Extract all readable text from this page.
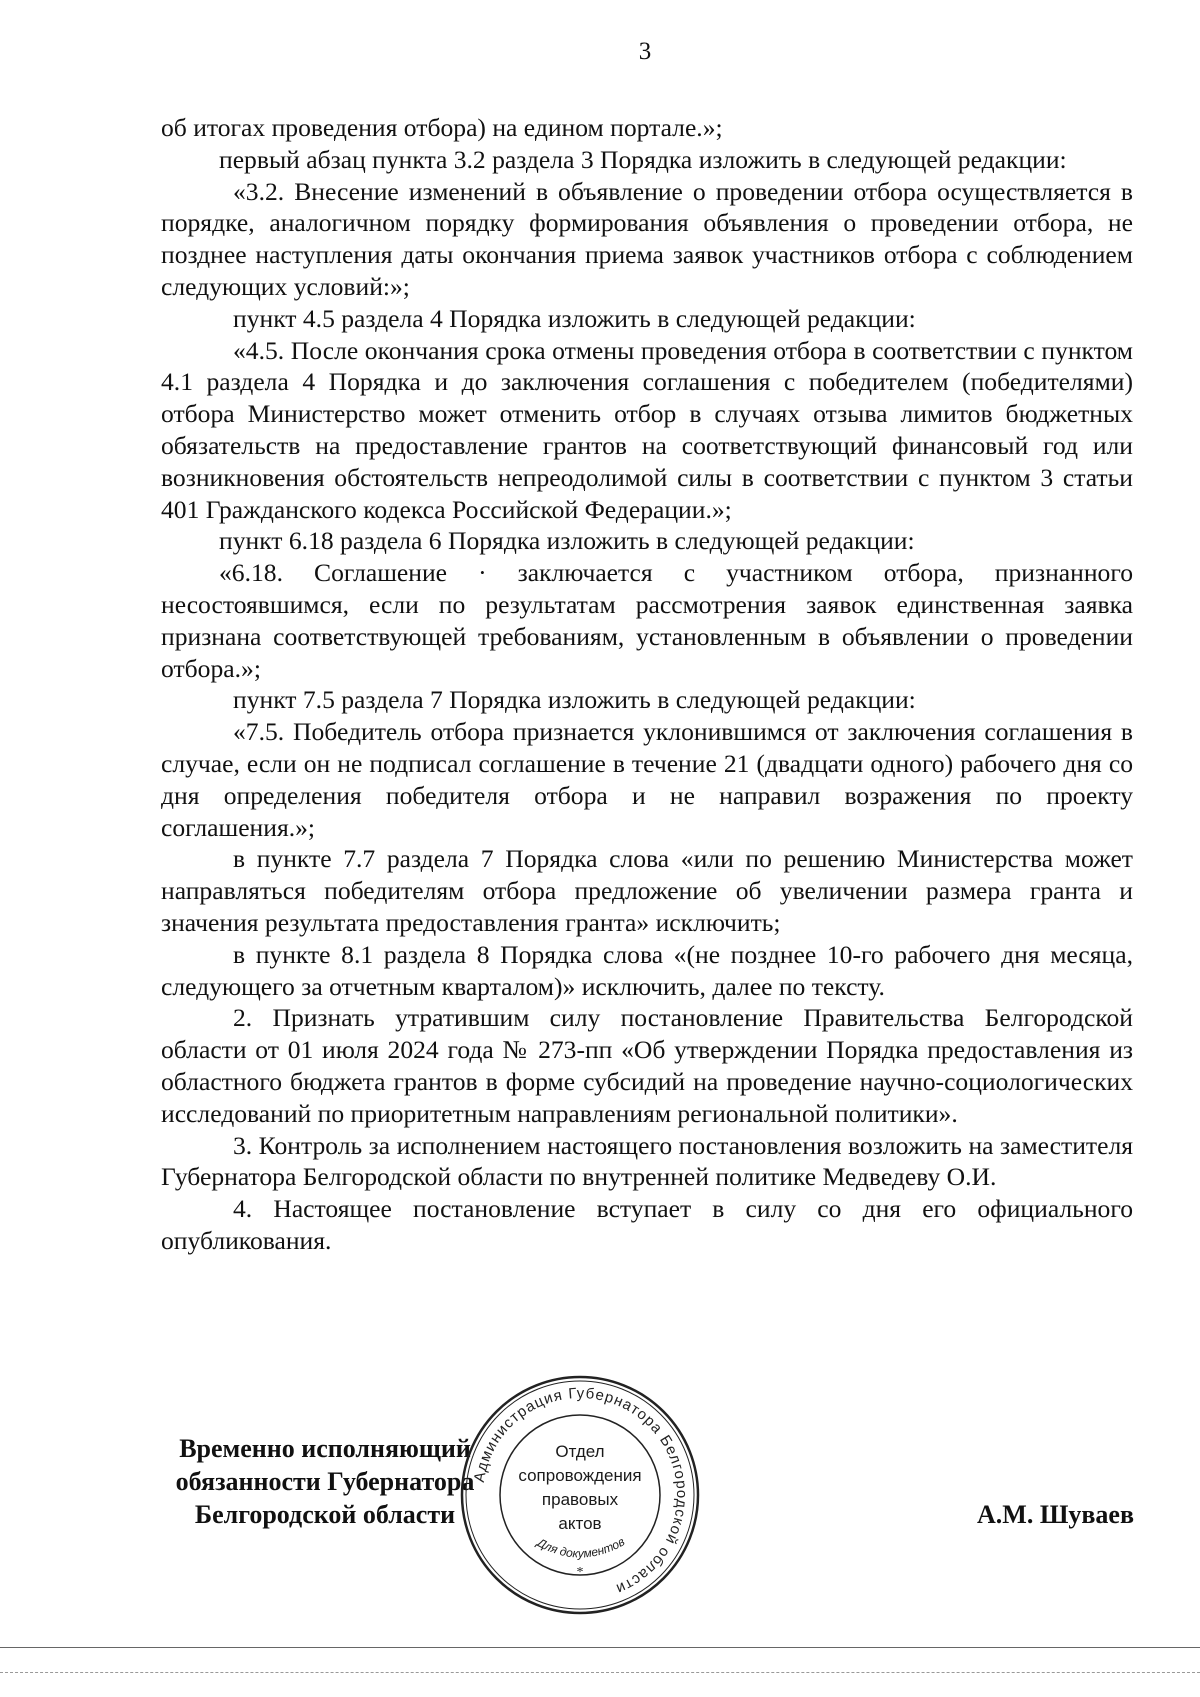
3

об итогах проведения отбора) на едином портале.»;

первый абзац пункта 3.2 раздела 3 Порядка изложить в следующей редакции:

«3.2. Внесение изменений в объявление о проведении отбора осуществляется в порядке, аналогичном порядку формирования объявления о проведении отбора, не позднее наступления даты окончания приема заявок участников отбора с соблюдением следующих условий:»;

пункт 4.5 раздела 4 Порядка изложить в следующей редакции:

«4.5. После окончания срока отмены проведения отбора в соответствии с пунктом 4.1 раздела 4 Порядка и до заключения соглашения с победителем (победителями) отбора Министерство может отменить отбор в случаях отзыва лимитов бюджетных обязательств на предоставление грантов на соответствующий финансовый год или возникновения обстоятельств непреодолимой силы в соответствии с пунктом 3 статьи 401 Гражданского кодекса Российской Федерации.»;

пункт 6.18 раздела 6 Порядка изложить в следующей редакции:

«6.18. Соглашение · заключается с участником отбора, признанного несостоявшимся, если по результатам рассмотрения заявок единственная заявка признана соответствующей требованиям, установленным в объявлении о проведении отбора.»;

пункт 7.5 раздела 7 Порядка изложить в следующей редакции:

«7.5. Победитель отбора признается уклонившимся от заключения соглашения в случае, если он не подписал соглашение в течение 21 (двадцати одного) рабочего дня со дня определения победителя отбора и не направил возражения по проекту соглашения.»;

в пункте 7.7 раздела 7 Порядка слова «или по решению Министерства может направляться победителям отбора предложение об увеличении размера гранта и значения результата предоставления гранта» исключить;

в пункте 8.1 раздела 8 Порядка слова «(не позднее 10-го рабочего дня месяца, следующего за отчетным кварталом)» исключить, далее по тексту.

2. Признать утратившим силу постановление Правительства Белгородской области от 01 июля 2024 года № 273-пп «Об утверждении Порядка предоставления из областного бюджета грантов в форме субсидий на проведение научно-социологических исследований по приоритетным направлениям региональной политики».

3. Контроль за исполнением настоящего постановления возложить на заместителя Губернатора Белгородской области по внутренней политике Медведеву О.И.

4. Настоящее постановление вступает в силу со дня его официального опубликования.

Временно исполняющий
обязанности Губернатора
Белгородской области
Администрация Губернатора Белгородской области
Для документов
*
Отдел
сопровождения
правовых
актов	А.М. Шуваев
